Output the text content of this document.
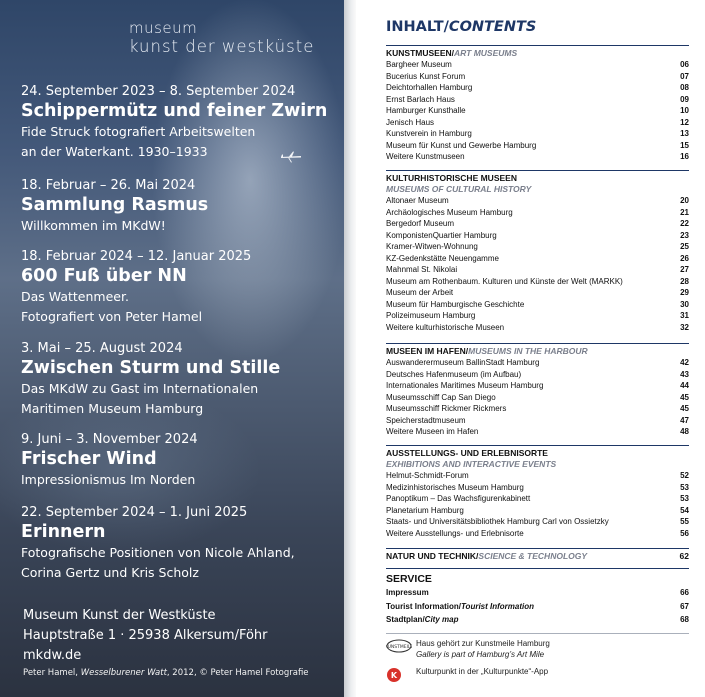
museum
kunst der westküste
24. September 2023 – 8. September 2024
Schippermütz und feiner Zwirn
Fide Struck fotografiert Arbeitswelten
an der Waterkant. 1930–1933
18. Februar – 26. Mai 2024
Sammlung Rasmus
Willkommen im MKdW!
18. Februar 2024 – 12. Januar 2025
600 Fuß über NN
Das Wattenmeer.
Fotografiert von Peter Hamel
3. Mai – 25. August 2024
Zwischen Sturm und Stille
Das MKdW zu Gast im Internationalen
Maritimen Museum Hamburg
9. Juni – 3. November 2024
Frischer Wind
Impressionismus Im Norden
22. September 2024 – 1. Juni 2025
Erinnern
Fotografische Positionen von Nicole Ahland,
Corina Gertz und Kris Scholz
Museum Kunst der Westküste
Hauptstraße 1 · 25938 Alkersum/Föhr
mkdw.de
Peter Hamel, Wesselburener Watt, 2012, © Peter Hamel Fotografie
INHALT/CONTENTS
KUNSTMUSEEN/ART MUSEUMS
Bargheer Museum	06
Bucerius Kunst Forum	07
Deichtorhallen Hamburg	08
Ernst Barlach Haus	09
Hamburger Kunsthalle	10
Jenisch Haus	12
Kunstverein in Hamburg	13
Museum für Kunst und Gewerbe Hamburg	15
Weitere Kunstmuseen	16
KULTURHISTORISCHE MUSEEN
MUSEUMS OF CULTURAL HISTORY
Altonaer Museum	20
Archäologisches Museum Hamburg	21
Bergedorf Museum	22
KomponistenQuartier Hamburg	23
Kramer-Witwen-Wohnung	25
KZ-Gedenkstätte Neuengamme	26
Mahnmal St. Nikolai	27
Museum am Rothenbaum. Kulturen und Künste der Welt (MARKK)	28
Museum der Arbeit	29
Museum für Hamburgische Geschichte	30
Polizeimuseum Hamburg	31
Weitere kulturhistorische Museen	32
MUSEEN IM HAFEN/MUSEUMS IN THE HARBOUR
Auswanderermuseum BallinStadt Hamburg	42
Deutsches Hafenmuseum (im Aufbau)	43
Internationales Maritimes Museum Hamburg	44
Museumsschiff Cap San Diego	45
Museumsschiff Rickmer Rickmers	45
Speicherstadtmuseum	47
Weitere Museen im Hafen	48
AUSSTELLUNGS- UND ERLEBNISORTE
EXHIBITIONS AND INTERACTIVE EVENTS
Helmut-Schmidt-Forum	52
Medizinhistorisches Museum Hamburg	53
Panoptikum – Das Wachsfigurenkabinett	53
Planetarium Hamburg	54
Staats- und Universitätsbibliothek Hamburg Carl von Ossietzky	55
Weitere Ausstellungs- und Erlebnisorte	56
NATUR UND TECHNIK/SCIENCE & TECHNOLOGY	62
SERVICE
Impressum	66
Tourist Information/Tourist Information	67
Stadtplan/City map	68
KUNSTMEILE Haus gehört zur Kunstmeile Hamburg
Gallery is part of Hamburg’s Art Mile
K Kulturpunkt in der „Kulturpunkte“-App
